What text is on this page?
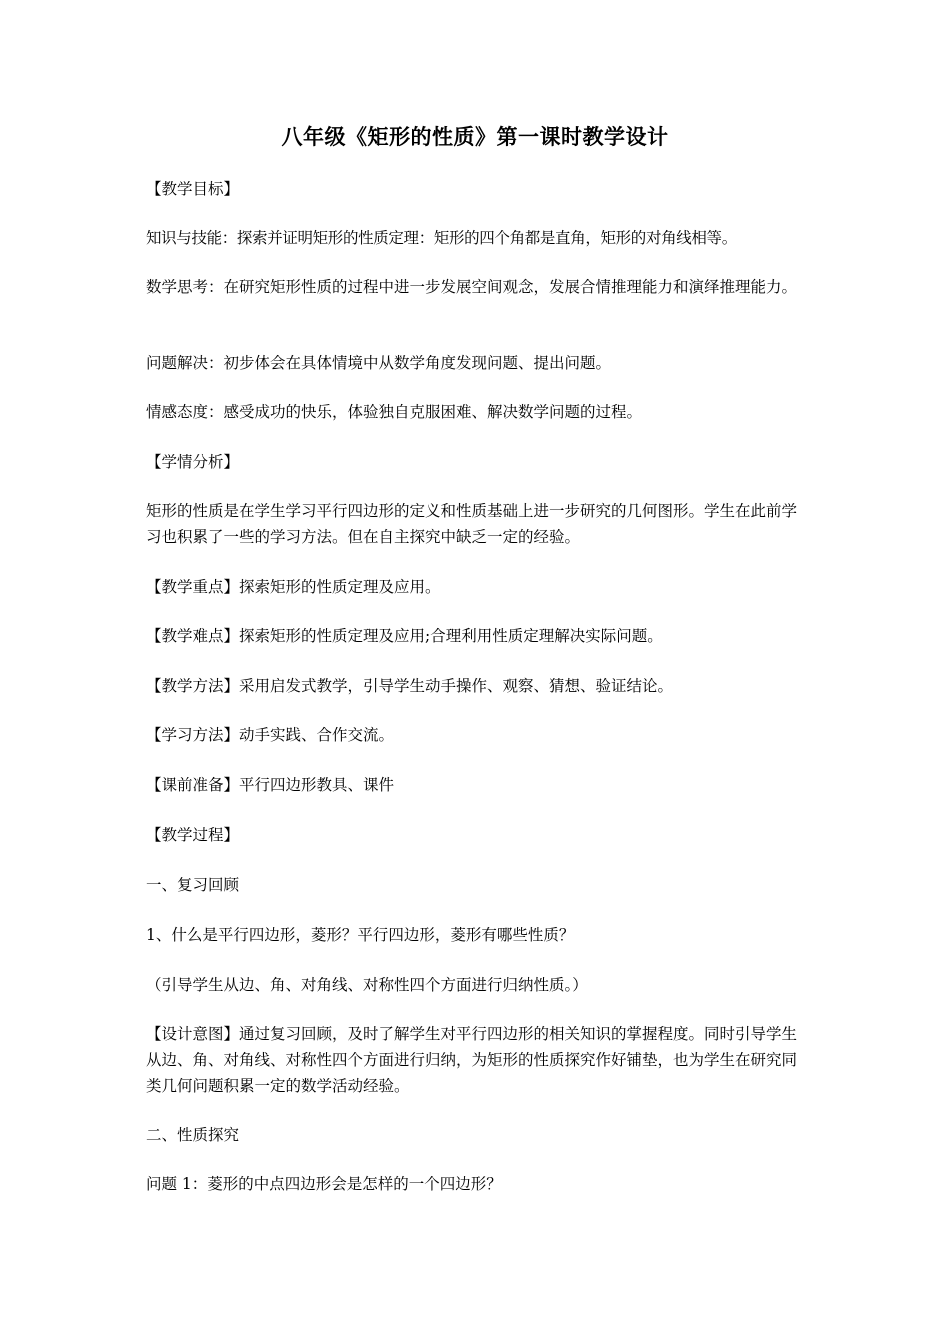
八年级《矩形的性质》第一课时教学设计

【教学目标】

知识与技能：探索并证明矩形的性质定理：矩形的四个角都是直角，矩形的对角线相等。

数学思考：在研究矩形性质的过程中进一步发展空间观念，发展合情推理能力和演绎推理能力。

问题解决：初步体会在具体情境中从数学角度发现问题、提出问题。

情感态度：感受成功的快乐，体验独自克服困难、解决数学问题的过程。

【学情分析】

矩形的性质是在学生学习平行四边形的定义和性质基础上进一步研究的几何图形。学生在此前学习也积累了一些的学习方法。但在自主探究中缺乏一定的经验。

【教学重点】探索矩形的性质定理及应用。

【教学难点】探索矩形的性质定理及应用;合理利用性质定理解决实际问题。

【教学方法】采用启发式教学，引导学生动手操作、观察、猜想、验证结论。

【学习方法】动手实践、合作交流。

【课前准备】平行四边形教具、课件

【教学过程】

一、复习回顾

1、什么是平行四边形，菱形？平行四边形，菱形有哪些性质？

（引导学生从边、角、对角线、对称性四个方面进行归纳性质。）

【设计意图】通过复习回顾，及时了解学生对平行四边形的相关知识的掌握程度。同时引导学生从边、角、对角线、对称性四个方面进行归纳，为矩形的性质探究作好铺垫，也为学生在研究同类几何问题积累一定的数学活动经验。

二、性质探究

问题 1：菱形的中点四边形会是怎样的一个四边形？
